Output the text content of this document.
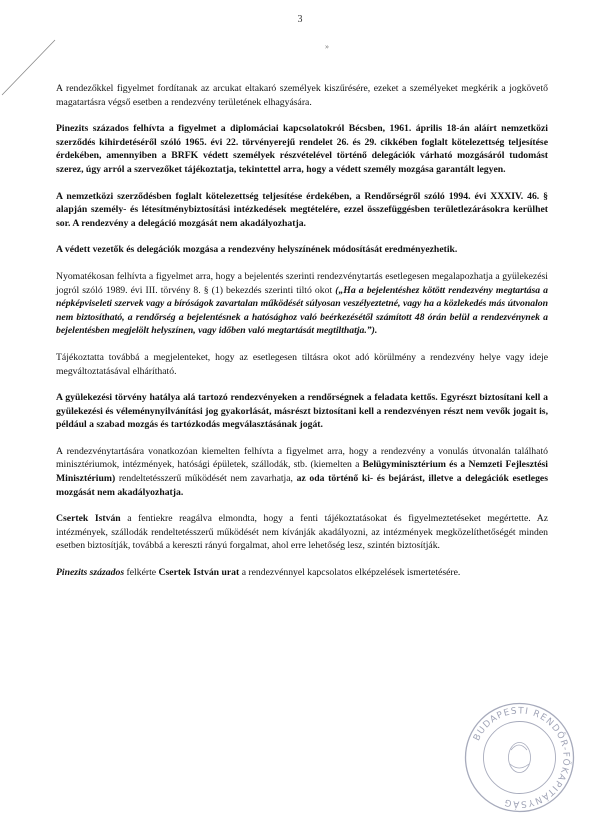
3
»

A rendezőkkel figyelmet fordítanak az arcukat eltakaró személyek kiszűrésére, ezeket a személyeket megkérik a jogkövető magatartásra végső esetben a rendezvény területének elhagyására.

Pinezits százados felhívta a figyelmet a diplomáciai kapcsolatokról Bécsben, 1961. április 18-án aláírt nemzetközi szerződés kihirdetéséről szóló 1965. évi 22. törvényerejű rendelet 26. és 29. cikkében foglalt kötelezettség teljesítése érdekében, amennyiben a BRFK védett személyek részvételével történő delegációk várható mozgásáról tudomást szerez, úgy arról a szervezőket tájékoztatja, tekintettel arra, hogy a védett személy mozgása garantált legyen.

A nemzetközi szerződésben foglalt kötelezettség teljesítése érdekében, a Rendőrségről szóló 1994. évi XXXIV. 46. § alapján személy- és létesítménybiztosítási intézkedések megtételére, ezzel összefüggésben területlezárásokra kerülhet sor. A rendezvény a delegáció mozgását nem akadályozhatja.

A védett vezetők és delegációk mozgása a rendezvény helyszínének módosítását eredményezhetik.

Nyomatékosan felhívta a figyelmet arra, hogy a bejelentés szerinti rendezvénytartás esetlegesen megalapozhatja a gyülekezési jogról szóló 1989. évi III. törvény 8. § (1) bekezdés szerinti tiltó okot („Ha a bejelentéshez kötött rendezvény megtartása a népképviseleti szervek vagy a bíróságok zavartalan működését súlyosan veszélyeztetné, vagy ha a közlekedés más útvonalon nem biztosítható, a rendőrség a bejelentésnek a hatósághoz való beérkezésétől számított 48 órán belül a rendezvénynek a bejelentésben megjelölt helyszínen, vagy időben való megtartását megtilthatja.”).

Tájékoztatta továbbá a megjelenteket, hogy az esetlegesen tiltásra okot adó körülmény a rendezvény helye vagy ideje megváltoztatásával elhárítható.

A gyülekezési törvény hatálya alá tartozó rendezvényeken a rendőrségnek a feladata kettős. Egyrészt biztosítani kell a gyülekezési és véleménynyilvánítási jog gyakorlását, másrészt biztosítani kell a rendezvényen részt nem vevők jogait is, például a szabad mozgás és tartózkodás megválasztásának jogát.

A rendezvénytartására vonatkozóan kiemelten felhívta a figyelmet arra, hogy a rendezvény a vonulás útvonalán található minisztériumok, intézmények, hatósági épületek, szállodák, stb. (kiemelten a Belügyminisztérium és a Nemzeti Fejlesztési Minisztérium) rendeltetésszerű működését nem zavarhatja, az oda történő ki- és bejárást, illetve a delegációk esetleges mozgását nem akadályozhatja.

Csertek István a fentiekre reagálva elmondta, hogy a fenti tájékoztatásokat és figyelmeztetéseket megértette. Az intézmények, szállodák rendeltetésszerű működését nem kívánják akadályozni, az intézmények megközelíthetőségét minden esetben biztosítják, továbbá a kereszti rányú forgalmat, ahol erre lehetőség lesz, szintén biztosítják.

Pinezits százados felkérte Csertek István urat a rendezvénnyel kapcsolatos elképzelések ismertetésére.

BUDAPESTI RENDŐR-FŐKAPITÁNYSÁG
